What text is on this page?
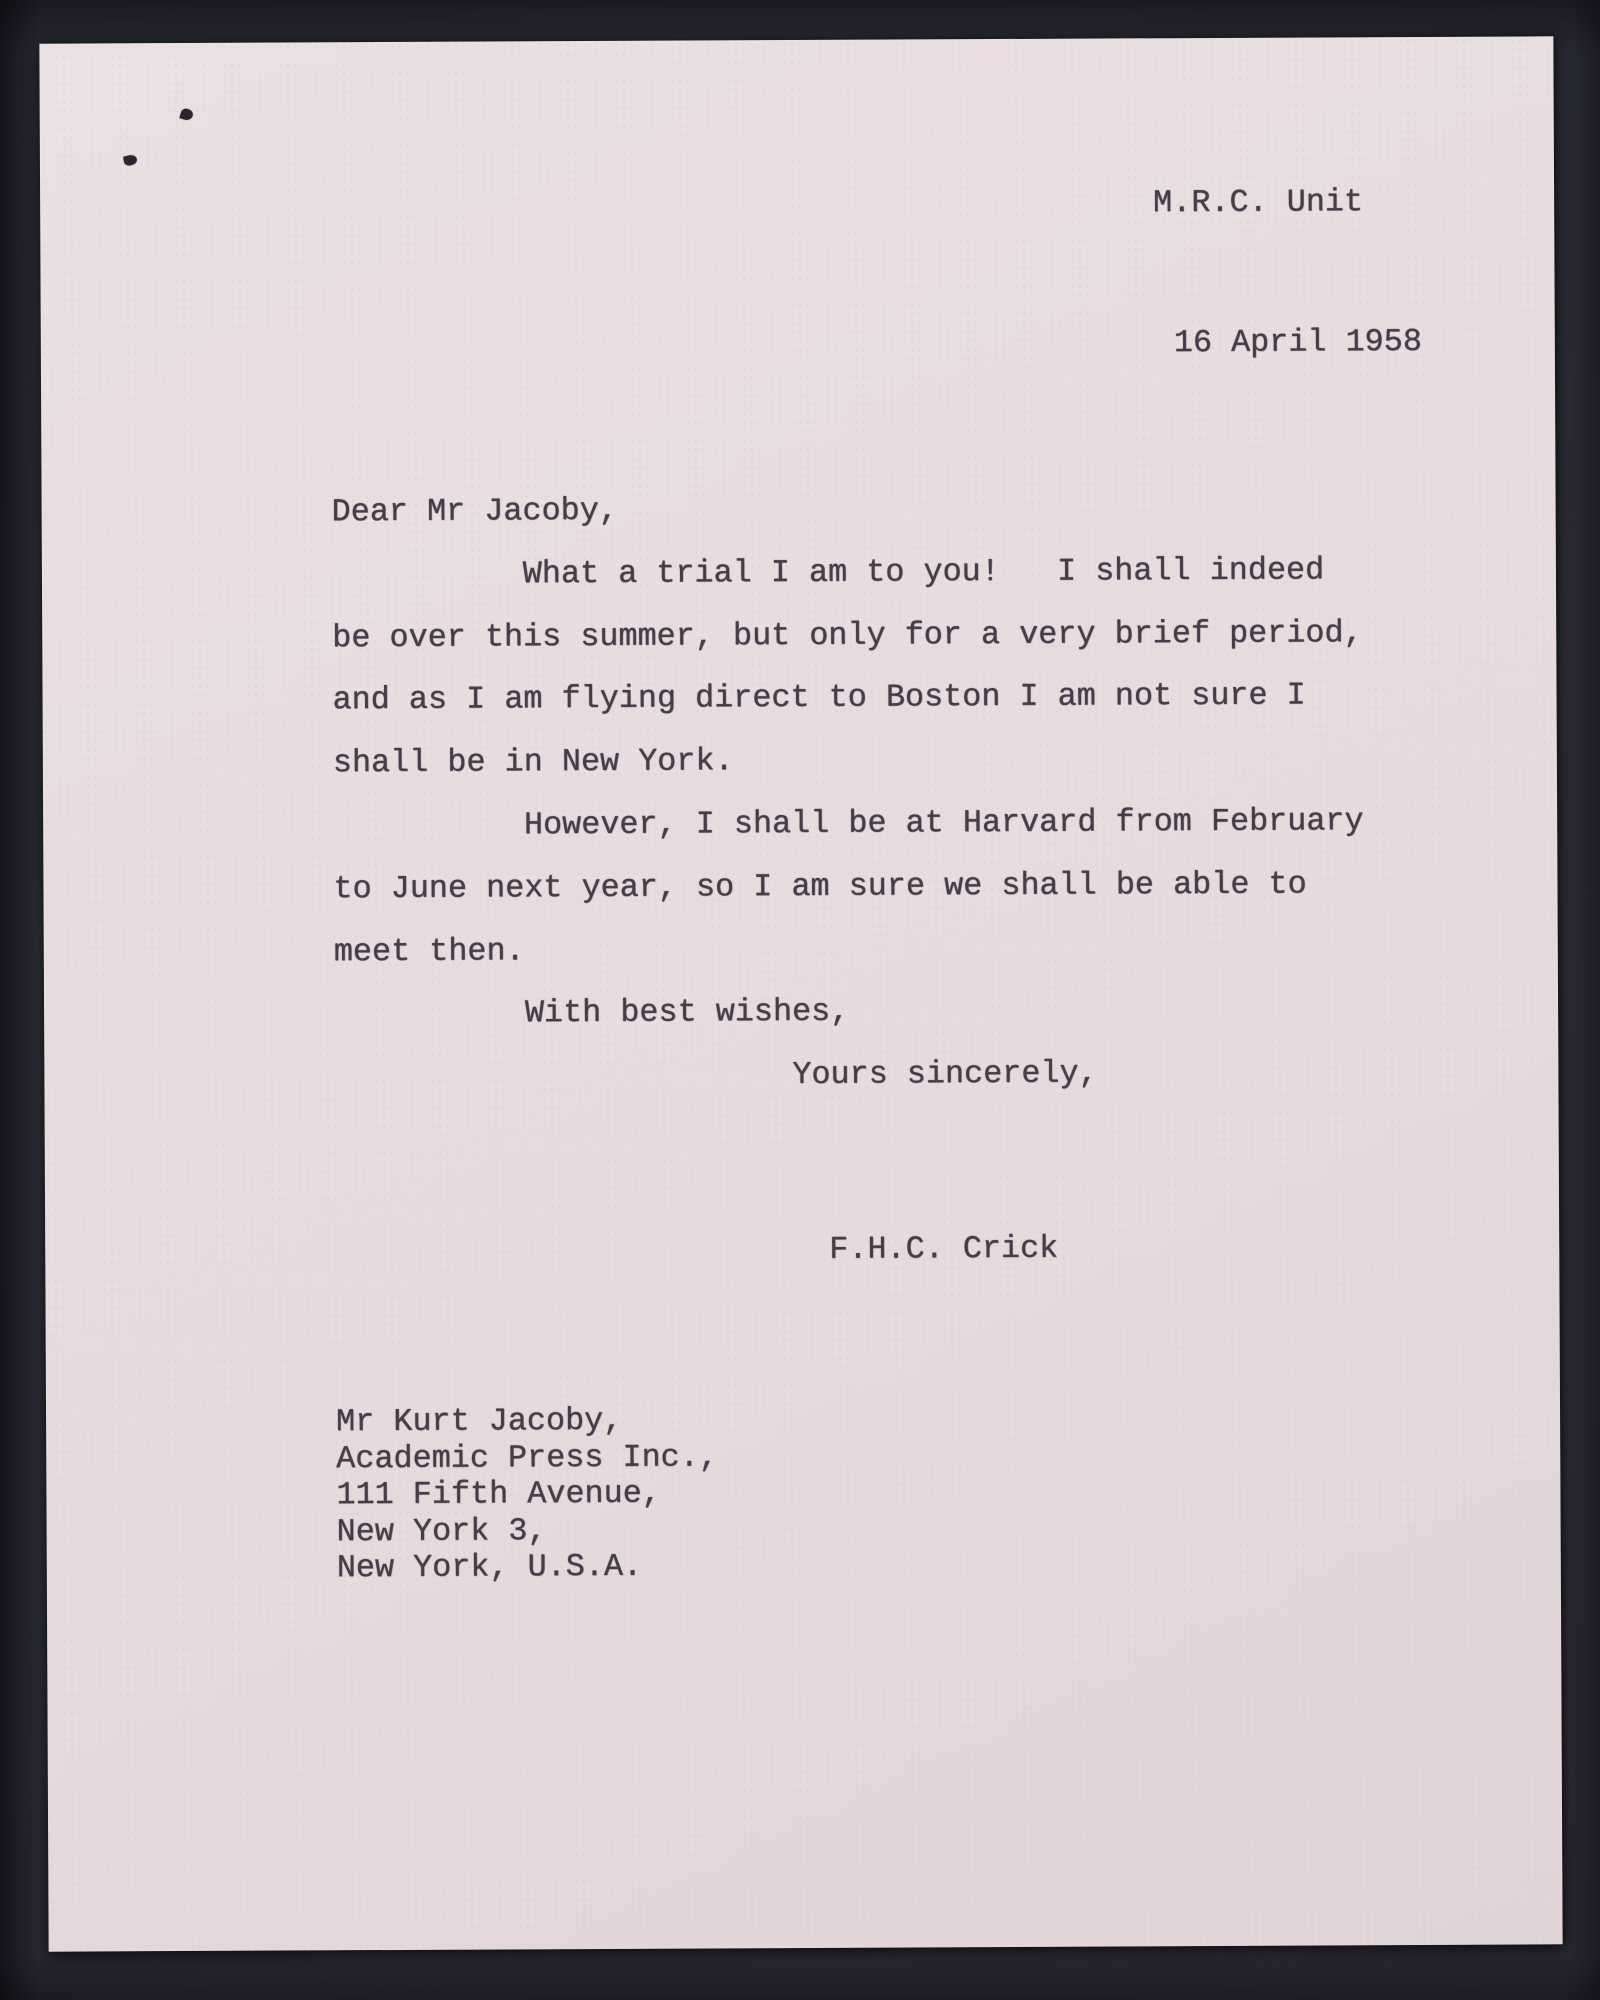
M.R.C. Unit
16 April 1958
Dear Mr Jacoby,
What a trial I am to you!   I shall indeed
be over this summer, but only for a very brief period,
and as I am flying direct to Boston I am not sure I
shall be in New York.
However, I shall be at Harvard from February
to June next year, so I am sure we shall be able to
meet then.
With best wishes,
Yours sincerely,
F.H.C. Crick
Mr Kurt Jacoby,
Academic Press Inc.,
111 Fifth Avenue,
New York 3,
New York, U.S.A.
